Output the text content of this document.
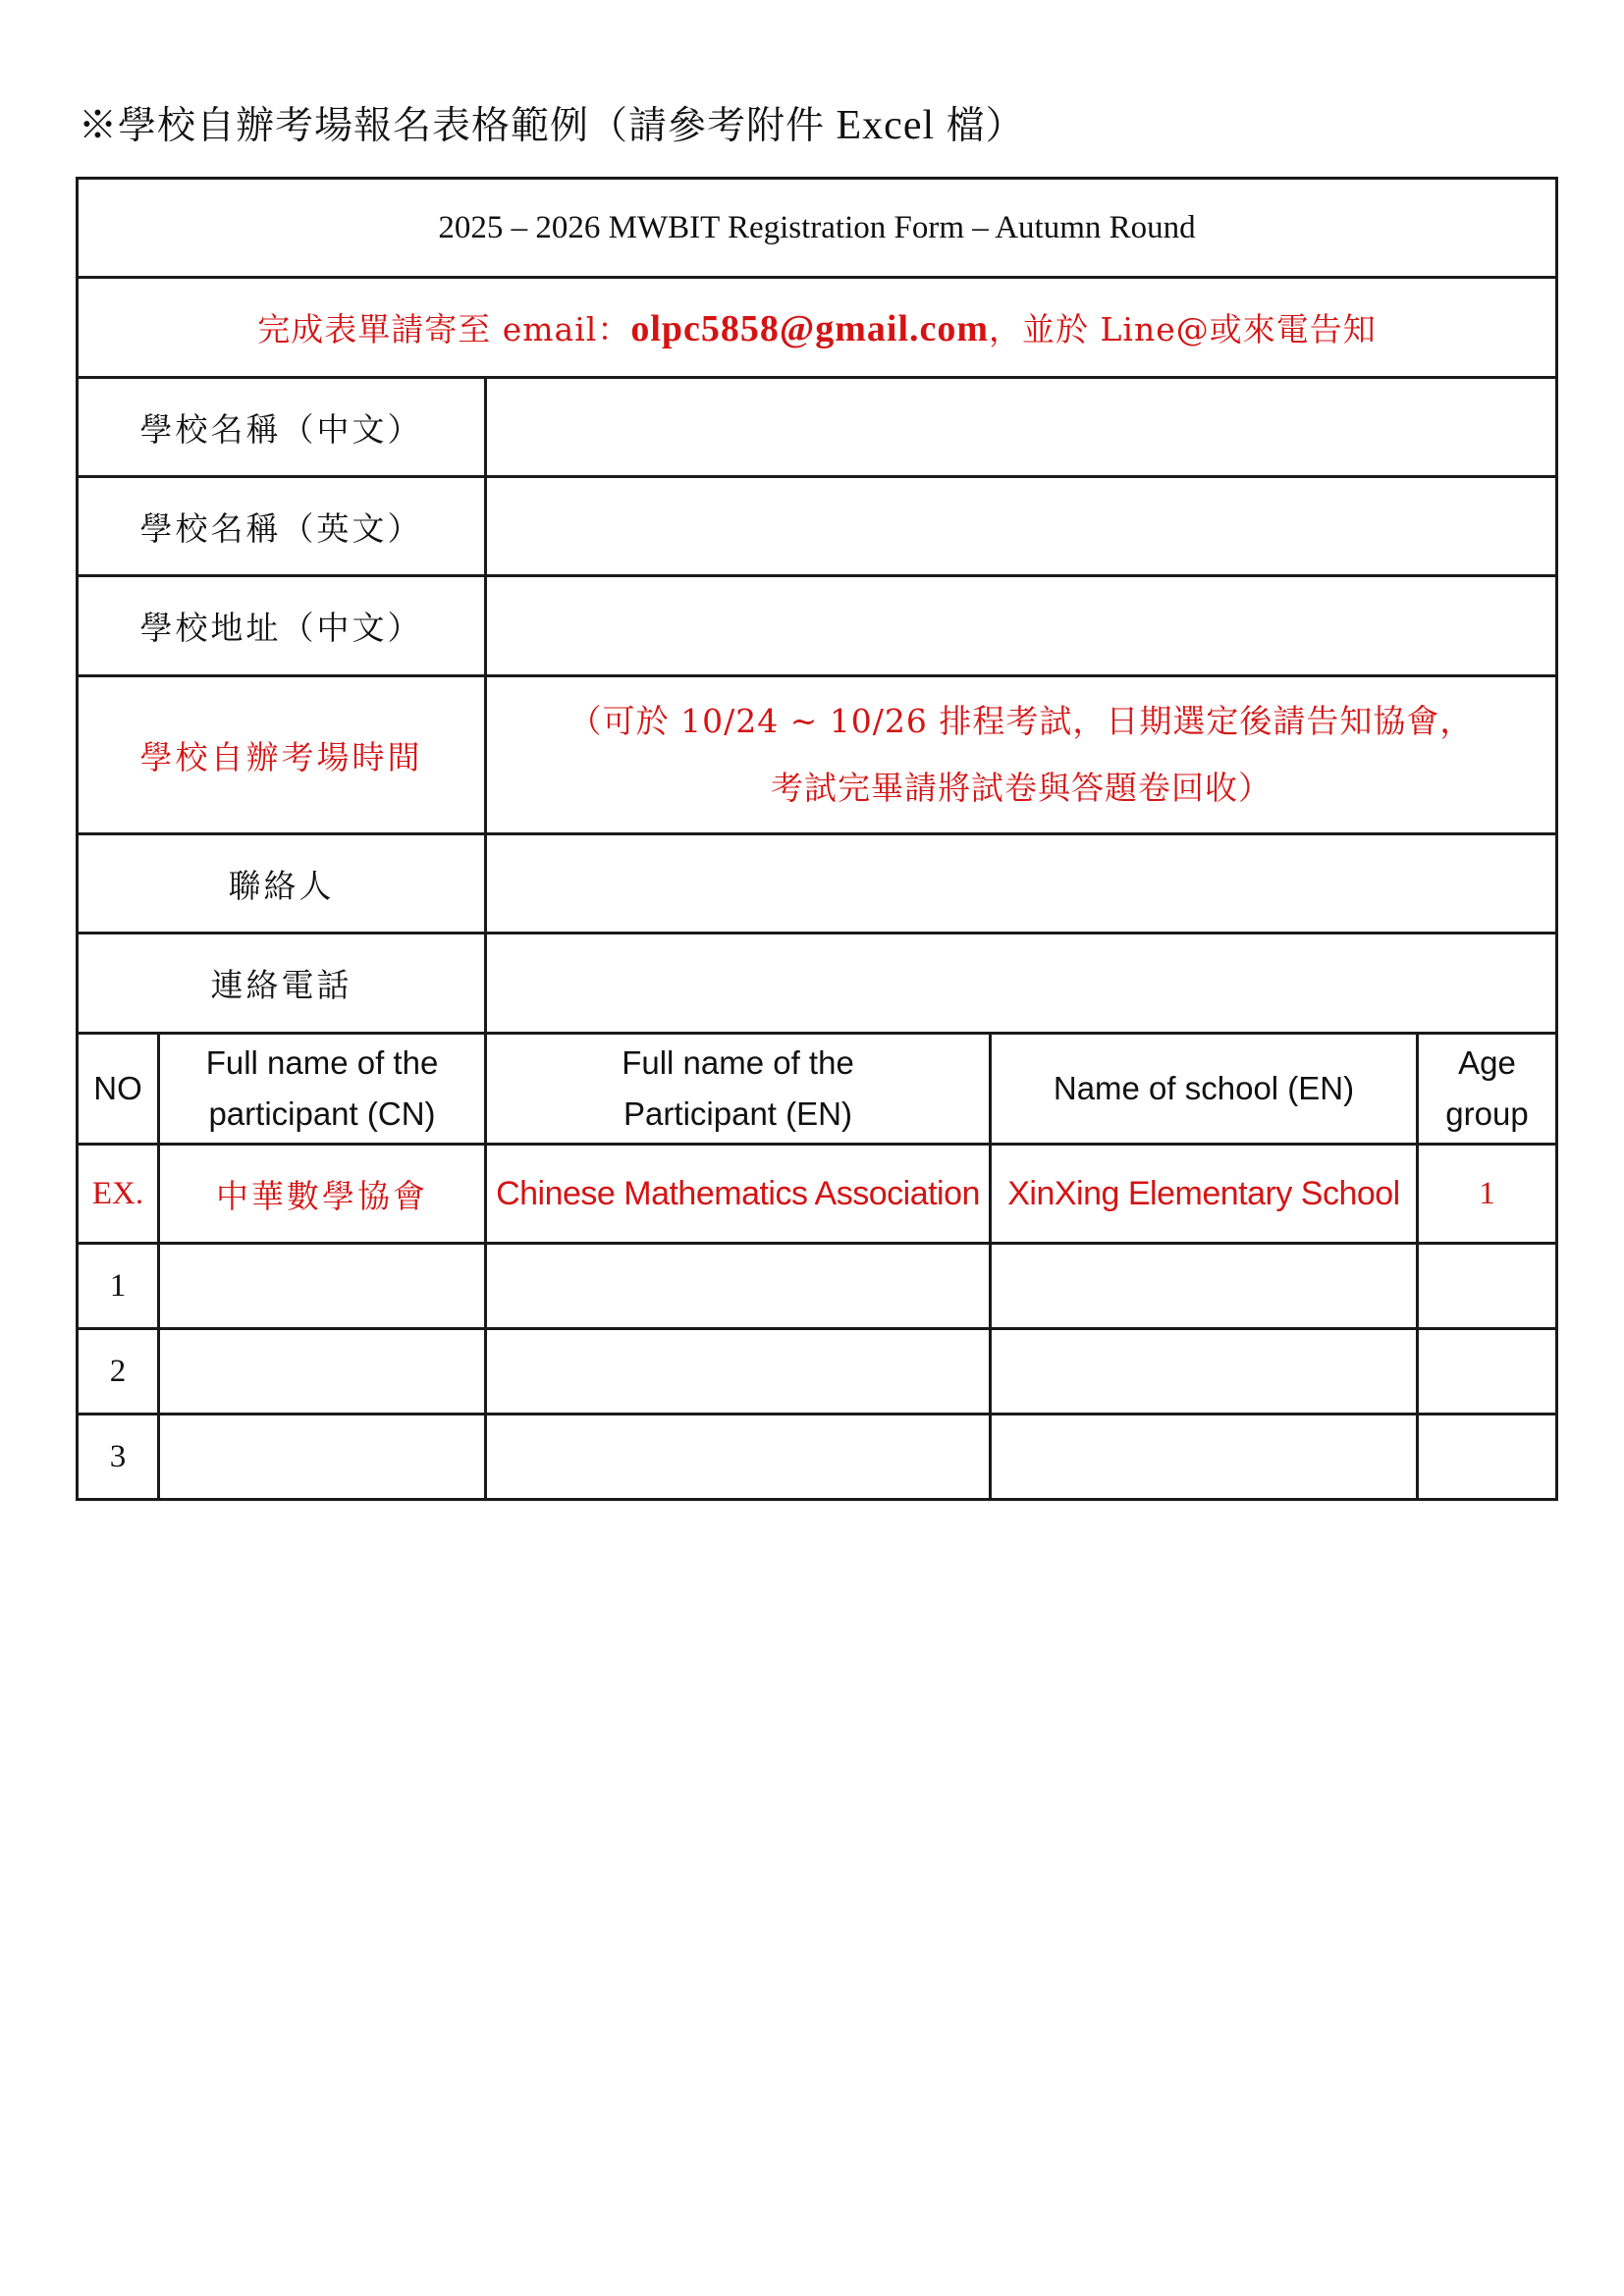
※學校自辦考場報名表格範例（請參考附件 Excel 檔）
2025 – 2026 MWBIT Registration Form – Autumn Round				
完成表單請寄至 email：olpc5858@gmail.com，並於 Line@或來電告知				
學校名稱（中文）				
學校名稱（英文）				
學校地址（中文）				
學校自辦考場時間		（可於 10/24 ~ 10/26 排程考試，日期選定後請告知協會，
考試完畢請將試卷與答題卷回收）		

聯絡人				
連絡電話				
NO	Full name of the participant (CN)	Full name of the Participant (EN)	Name of school (EN)	Age group
EX.	中華數學協會	Chinese Mathematics Association	XinXing Elementary School	1
1				
2				
3				
